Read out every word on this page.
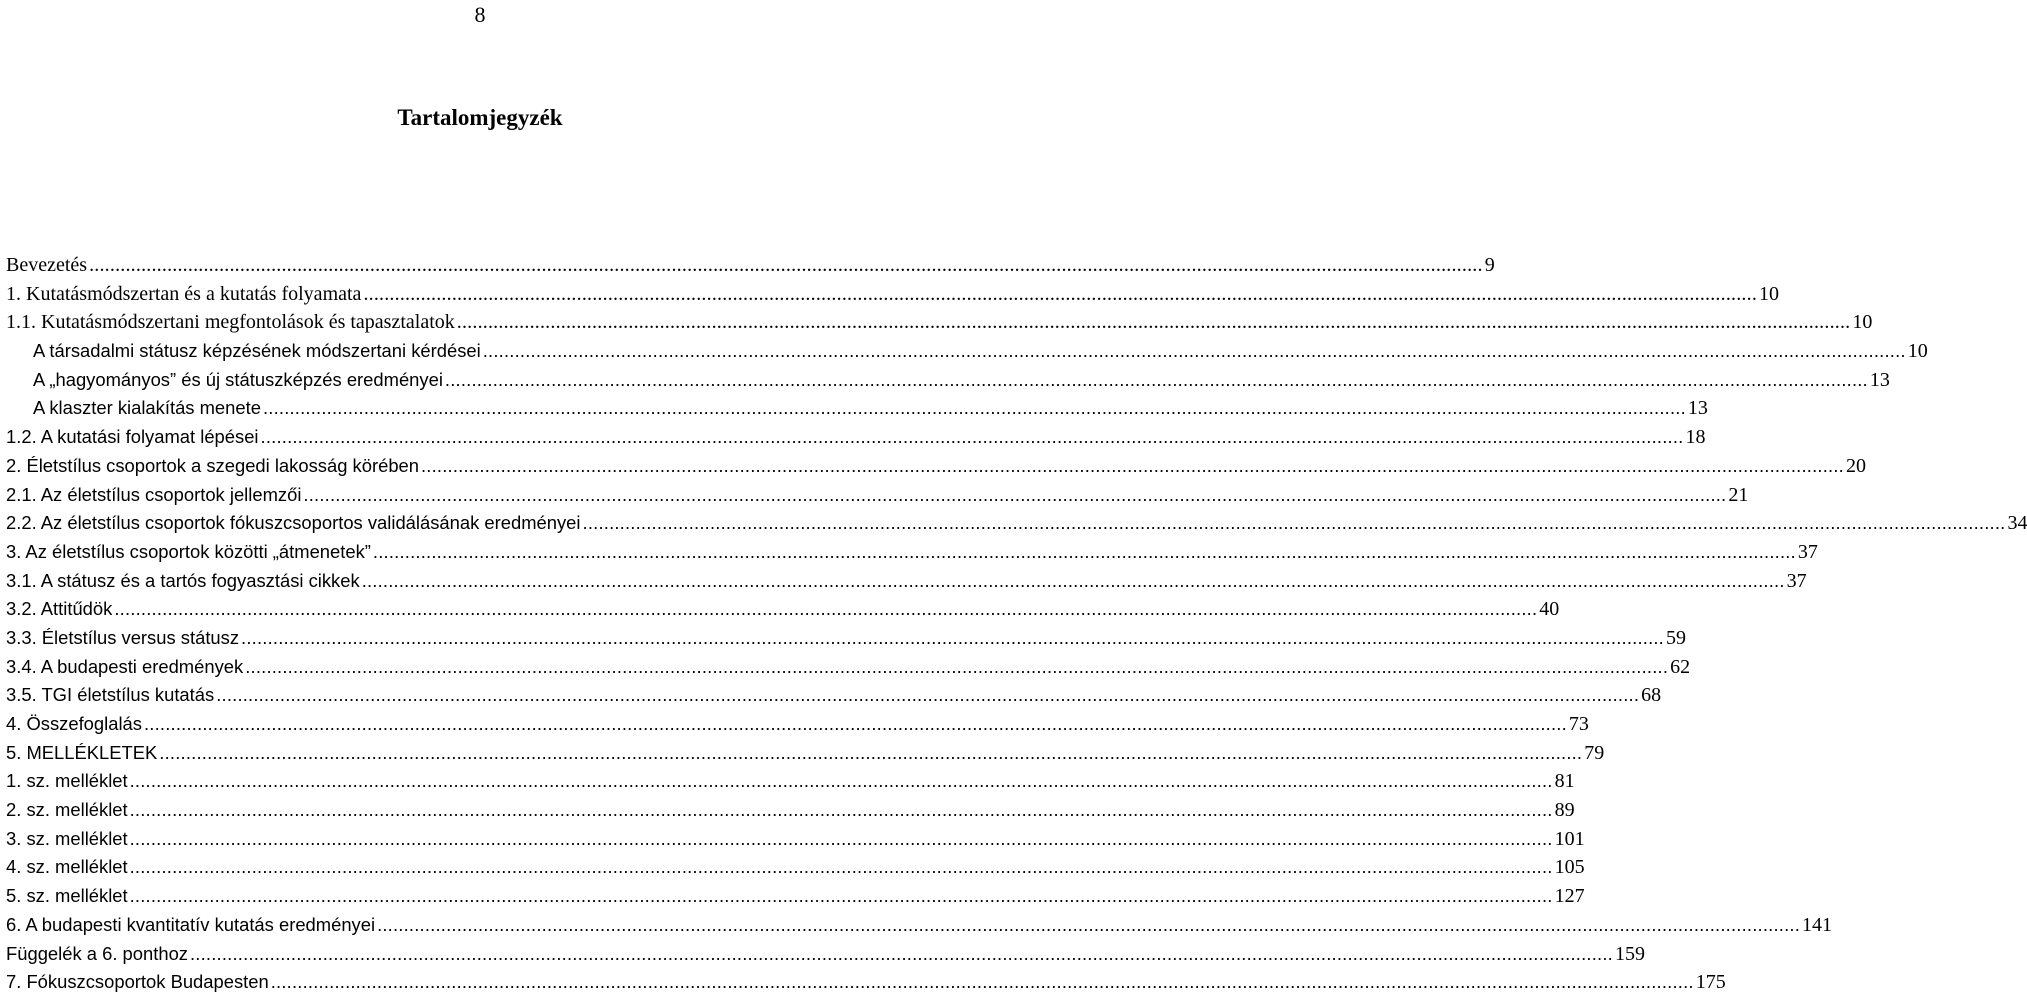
8
Tartalomjegyzék
Bevezetés .....	9
1. Kutatásmódszertan és a kutatás folyamata .....	10
1.1. Kutatásmódszertani megfontolások és tapasztalatok .....	10
A társadalmi státusz képzésének módszertani kérdései .....	10
A „hagyományos” és új státuszképzés eredményei .....	13
A klaszter kialakítás menete .....	13
1.2. A kutatási folyamat lépései .....	18
2. Életstílus csoportok a szegedi lakosság körében .....	20
2.1. Az életstílus csoportok jellemzői .....	21
2.2. Az életstílus csoportok fókuszcsoportos validálásának eredményei .....	34
3. Az életstílus csoportok közötti „átmenetek” .....	37
3.1. A státusz és a tartós fogyasztási cikkek .....	37
3.2. Attitűdök .....	40
3.3. Életstílus versus státusz .....	59
3.4. A budapesti eredmények .....	62
3.5. TGI életstílus kutatás .....	68
4. Összefoglalás .....	73
5. MELLÉKLETEK .....	79
1. sz. melléklet .....	81
2. sz. melléklet .....	89
3. sz. melléklet .....	101
4. sz. melléklet .....	105
5. sz. melléklet .....	127
6. A budapesti kvantitatív kutatás eredményei .....	141
Függelék a 6. ponthoz .....	159
7. Fókuszcsoportok Budapesten .....	175
